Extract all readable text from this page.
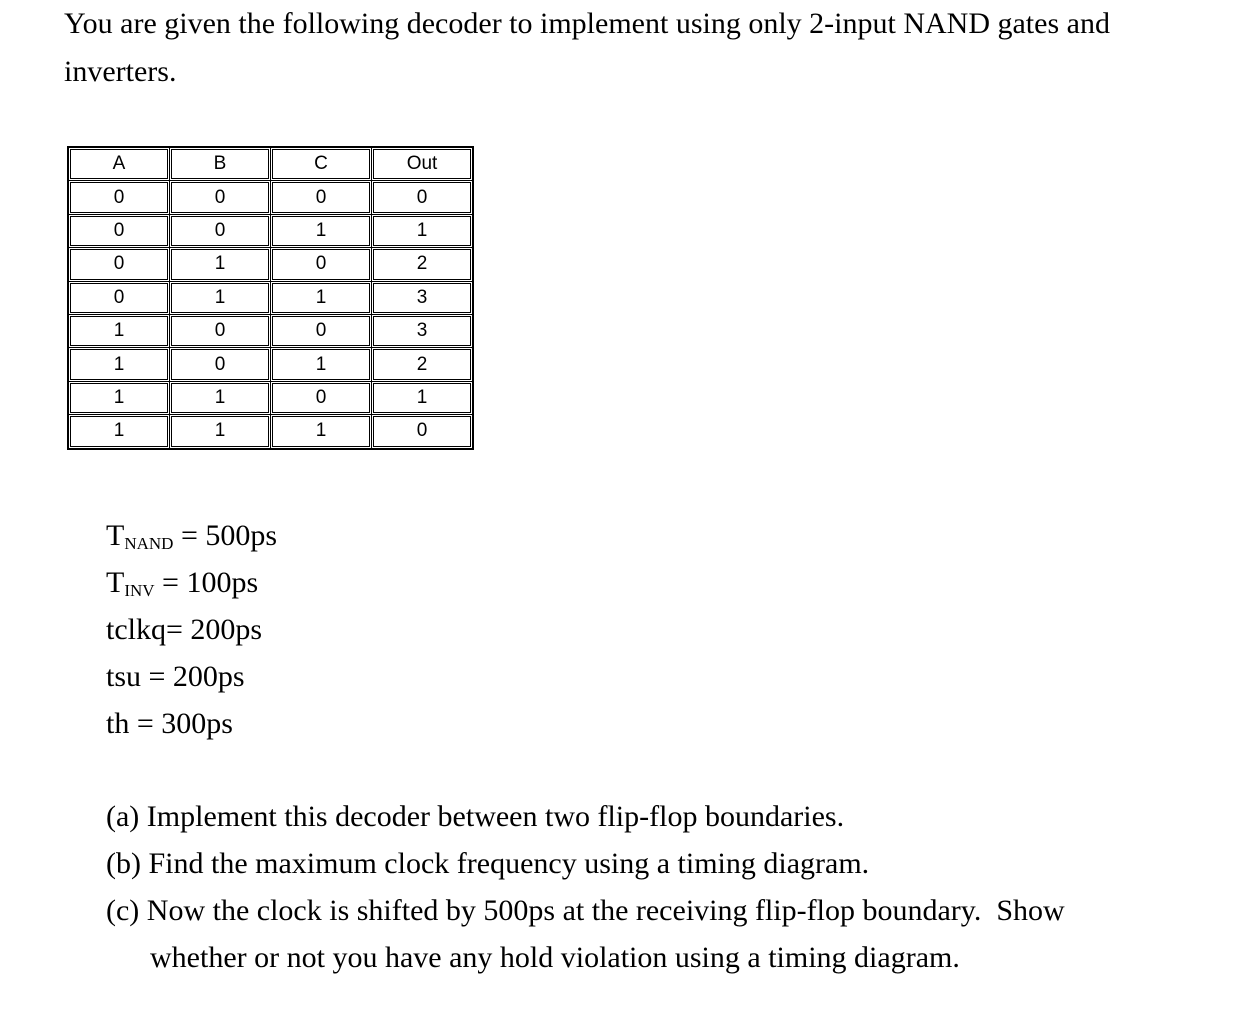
You are given the following decoder to implement using only 2-input NAND gates and
inverters.
A	B	C	Out
0	0	0	0
0	0	1	1
0	1	0	2
0	1	1	3
1	0	0	3
1	0	1	2
1	1	0	1
1	1	1	0
$T_{NAND} = 500ps$
$T_{INV} = 100ps$
tclkq= 200ps
tsu = 200ps
th = 300ps
(a) Implement this decoder between two flip-flop boundaries.
(b) Find the maximum clock frequency using a timing diagram.
(c) Now the clock is shifted by 500ps at the receiving flip-flop boundary.  Show
whether or not you have any hold violation using a timing diagram.
